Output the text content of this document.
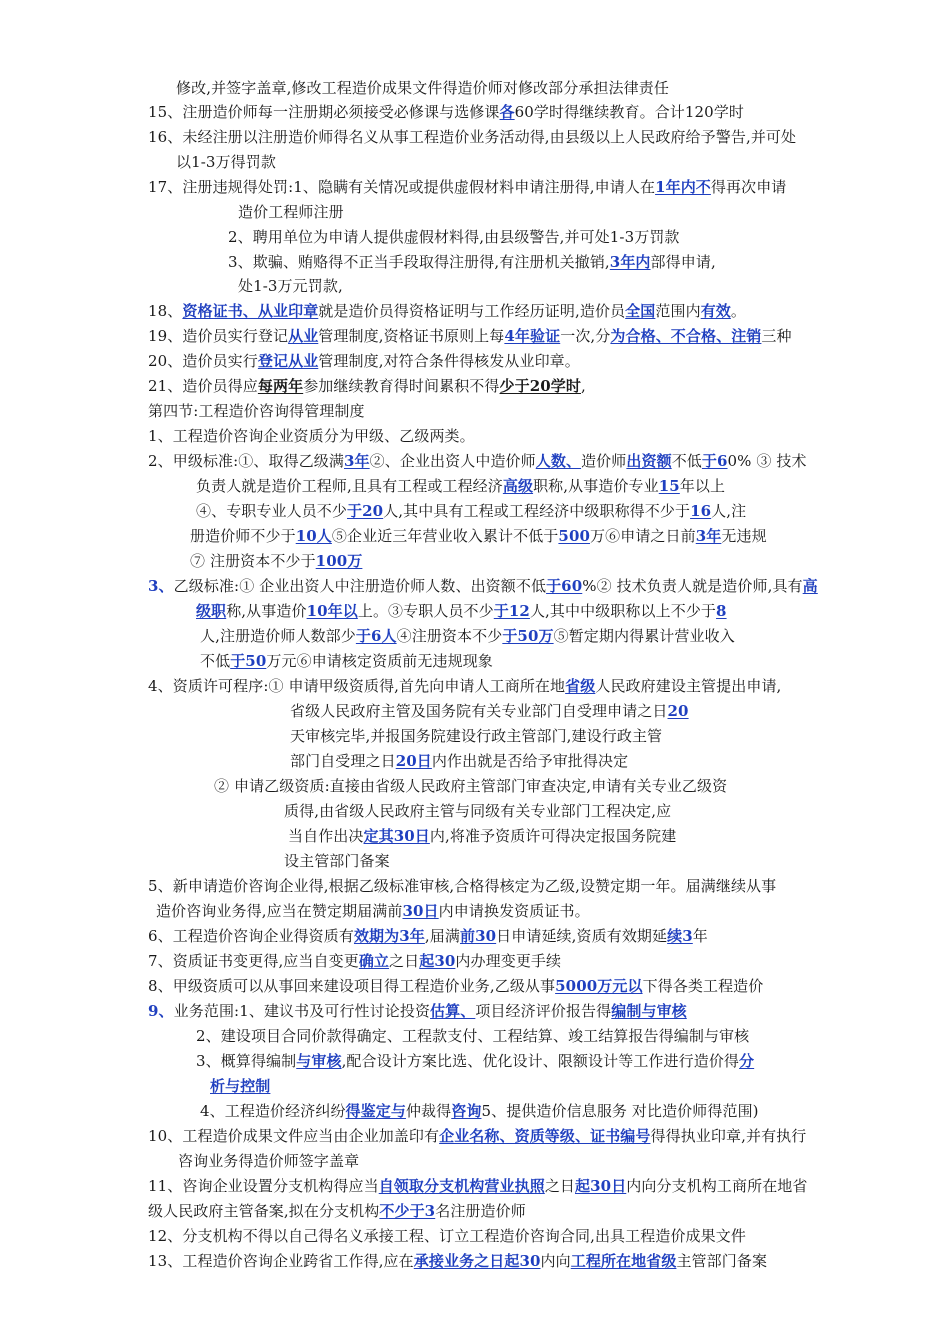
修改,并签字盖章,修改工程造价成果文件得造价师对修改部分承担法律责任
15、注册造价师每一注册期必须接受必修课与选修课各60学时得继续教育。合计120学时
16、未经注册以注册造价师得名义从事工程造价业务活动得,由县级以上人民政府给予警告,并可处
以1-3万得罚款
17、注册违规得处罚:1、隐瞒有关情况或提供虚假材料申请注册得,申请人在1年内不得再次申请
造价工程师注册
2、聘用单位为申请人提供虚假材料得,由县级警告,并可处1-3万罚款
3、欺骗、贿赂得不正当手段取得注册得,有注册机关撤销,3年内部得申请,
处1-3万元罚款,
18、资格证书、从业印章就是造价员得资格证明与工作经历证明,造价员全国范围内有效。
19、造价员实行登记从业管理制度,资格证书原则上每4年验证一次,分为合格、不合格、注销三种
20、造价员实行登记从业管理制度,对符合条件得核发从业印章。
21、造价员得应每两年参加继续教育得时间累积不得少于20学时,
第四节:工程造价咨询得管理制度
1、工程造价咨询企业资质分为甲级、乙级两类。
2、甲级标准:①、取得乙级满3年②、企业出资人中造价师人数、造价师出资额不低于60% ③ 技术
负责人就是造价工程师,且具有工程或工程经济高级职称,从事造价专业15年以上
④、专职专业人员不少于20人,其中具有工程或工程经济中级职称得不少于16人,注
册造价师不少于10人⑤企业近三年营业收入累计不低于500万⑥申请之日前3年无违规
⑦ 注册资本不少于100万
3、乙级标准:① 企业出资人中注册造价师人数、出资额不低于60%② 技术负责人就是造价师,具有高
级职称,从事造价10年以上。③专职人员不少于12人,其中中级职称以上不少于8
人,注册造价师人数部少于6人④注册资本不少于50万⑤暂定期内得累计营业收入
不低于50万元⑥申请核定资质前无违规现象
4、资质许可程序:① 申请甲级资质得,首先向申请人工商所在地省级人民政府建设主管提出申请,
省级人民政府主管及国务院有关专业部门自受理申请之日20
天审核完毕,并报国务院建设行政主管部门,建设行政主管
部门自受理之日20日内作出就是否给予审批得决定
② 申请乙级资质:直接由省级人民政府主管部门审查决定,申请有关专业乙级资
质得,由省级人民政府主管与同级有关专业部门工程决定,应
当自作出决定其30日内,将准予资质许可得决定报国务院建
设主管部门备案
5、新申请造价咨询企业得,根据乙级标准审核,合格得核定为乙级,设赞定期一年。届满继续从事
造价咨询业务得,应当在赞定期届满前30日内申请换发资质证书。
6、工程造价咨询企业得资质有效期为3年,届满前30日申请延续,资质有效期延续3年
7、资质证书变更得,应当自变更确立之日起30内办理变更手续
8、甲级资质可以从事回来建设项目得工程造价业务,乙级从事5000万元以下得各类工程造价
9、业务范围:1、建议书及可行性讨论投资估算、项目经济评价报告得编制与审核
2、建设项目合同价款得确定、工程款支付、工程结算、竣工结算报告得编制与审核
3、概算得编制与审核,配合设计方案比选、优化设计、限额设计等工作进行造价得分
析与控制
4、工程造价经济纠纷得鉴定与仲裁得咨询5、提供造价信息服务 对比造价师得范围)
10、工程造价成果文件应当由企业加盖印有企业名称、资质等级、证书编号得得执业印章,并有执行
咨询业务得造价师签字盖章
11、咨询企业设置分支机构得应当自领取分支机构营业执照之日起30日内向分支机构工商所在地省
级人民政府主管备案,拟在分支机构不少于3名注册造价师
12、分支机构不得以自己得名义承接工程、订立工程造价咨询合同,出具工程造价成果文件
13、工程造价咨询企业跨省工作得,应在承接业务之日起30内向工程所在地省级主管部门备案
